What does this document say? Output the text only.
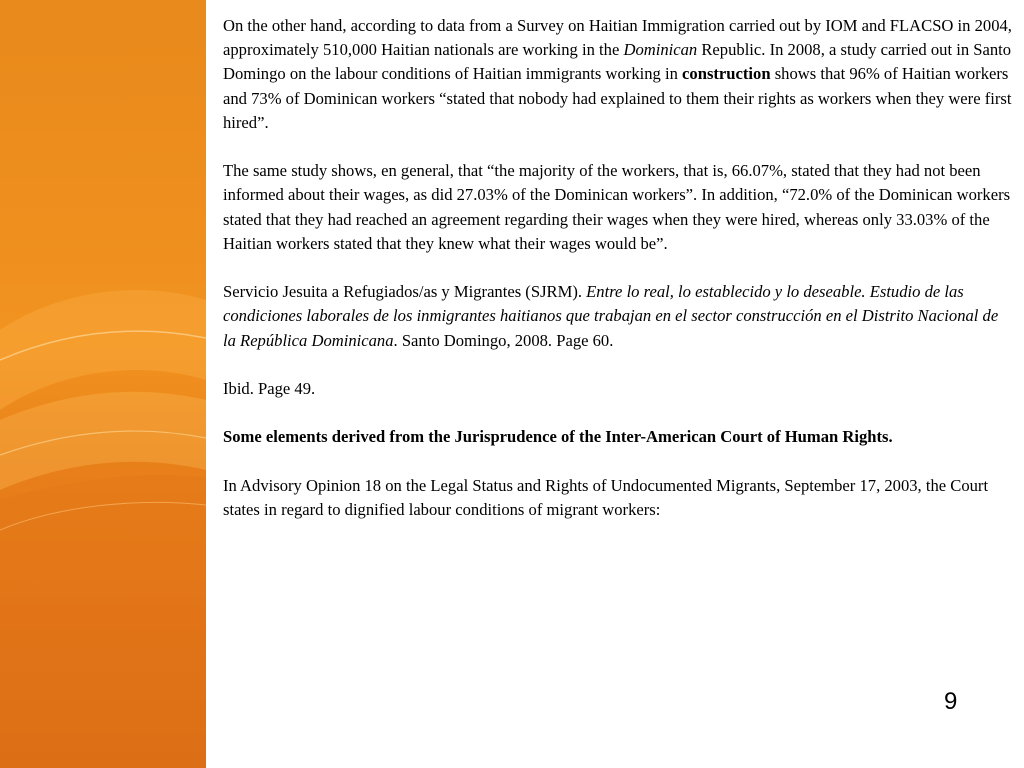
On the other hand, according to data from a Survey on Haitian Immigration carried out by IOM and FLACSO in 2004, approximately 510,000 Haitian nationals are working in the Dominican Republic. In 2008, a study carried out in Santo Domingo on the labour conditions of Haitian immigrants working in construction shows that 96% of Haitian workers and 73% of Dominican workers “stated that nobody had explained to them their rights as workers when they were first hired”.

The same study shows, en general, that “the majority of the workers, that is, 66.07%, stated that they had not been informed about their wages, as did 27.03% of the Dominican workers”. In addition, “72.0% of the Dominican workers stated that they had reached an agreement regarding their wages when they were hired, whereas only 33.03% of the Haitian workers stated that they knew what their wages would be”.

Servicio Jesuita a Refugiados/as y Migrantes (SJRM). Entre lo real, lo establecido y lo deseable. Estudio de las condiciones laborales de los inmigrantes haitianos que trabajan en el sector construcción en el Distrito Nacional de la República Dominicana. Santo Domingo, 2008. Page 60.

Ibid. Page 49.

Some elements derived from the Jurisprudence of the Inter-American Court of Human Rights.

In Advisory Opinion 18 on the Legal Status and Rights of Undocumented Migrants, September 17, 2003, the Court states in regard to dignified labour conditions of migrant workers:

9
